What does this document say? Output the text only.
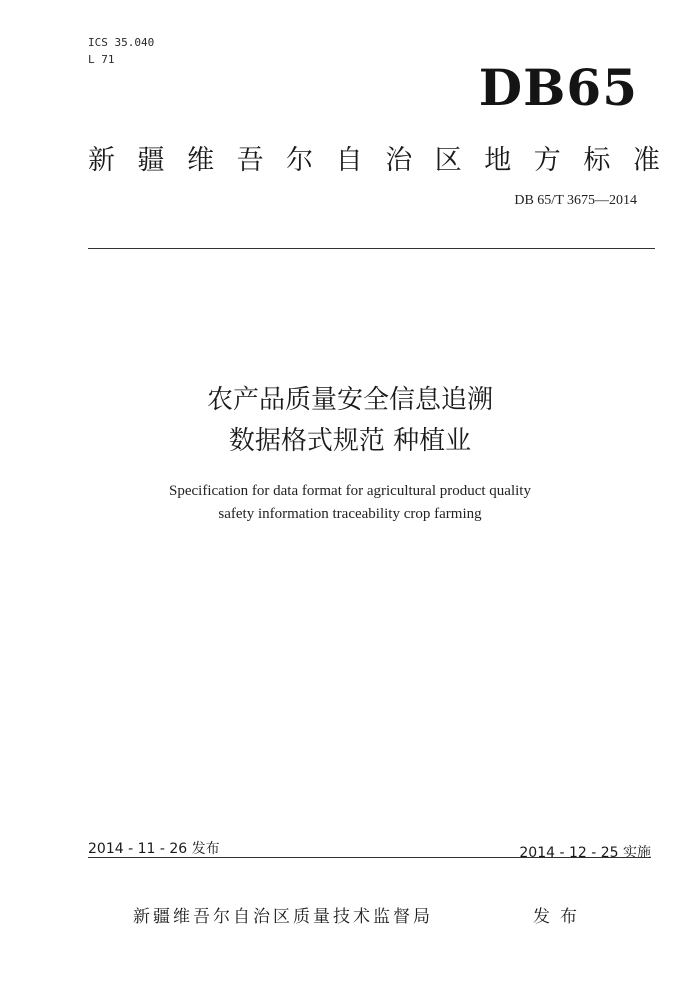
ICS 35.040
L 71	DB65
新 疆 维 吾 尔 自 治 区 地 方 标 准
DB 65/T 3675—2014
农产品质量安全信息追溯
数据格式规范 种植业
Specification for data format for agricultural product quality
safety information traceability crop farming
2014 - 11 - 26 发布	2014 - 12 - 25 实施
新疆维吾尔自治区质量技术监督局	发布
